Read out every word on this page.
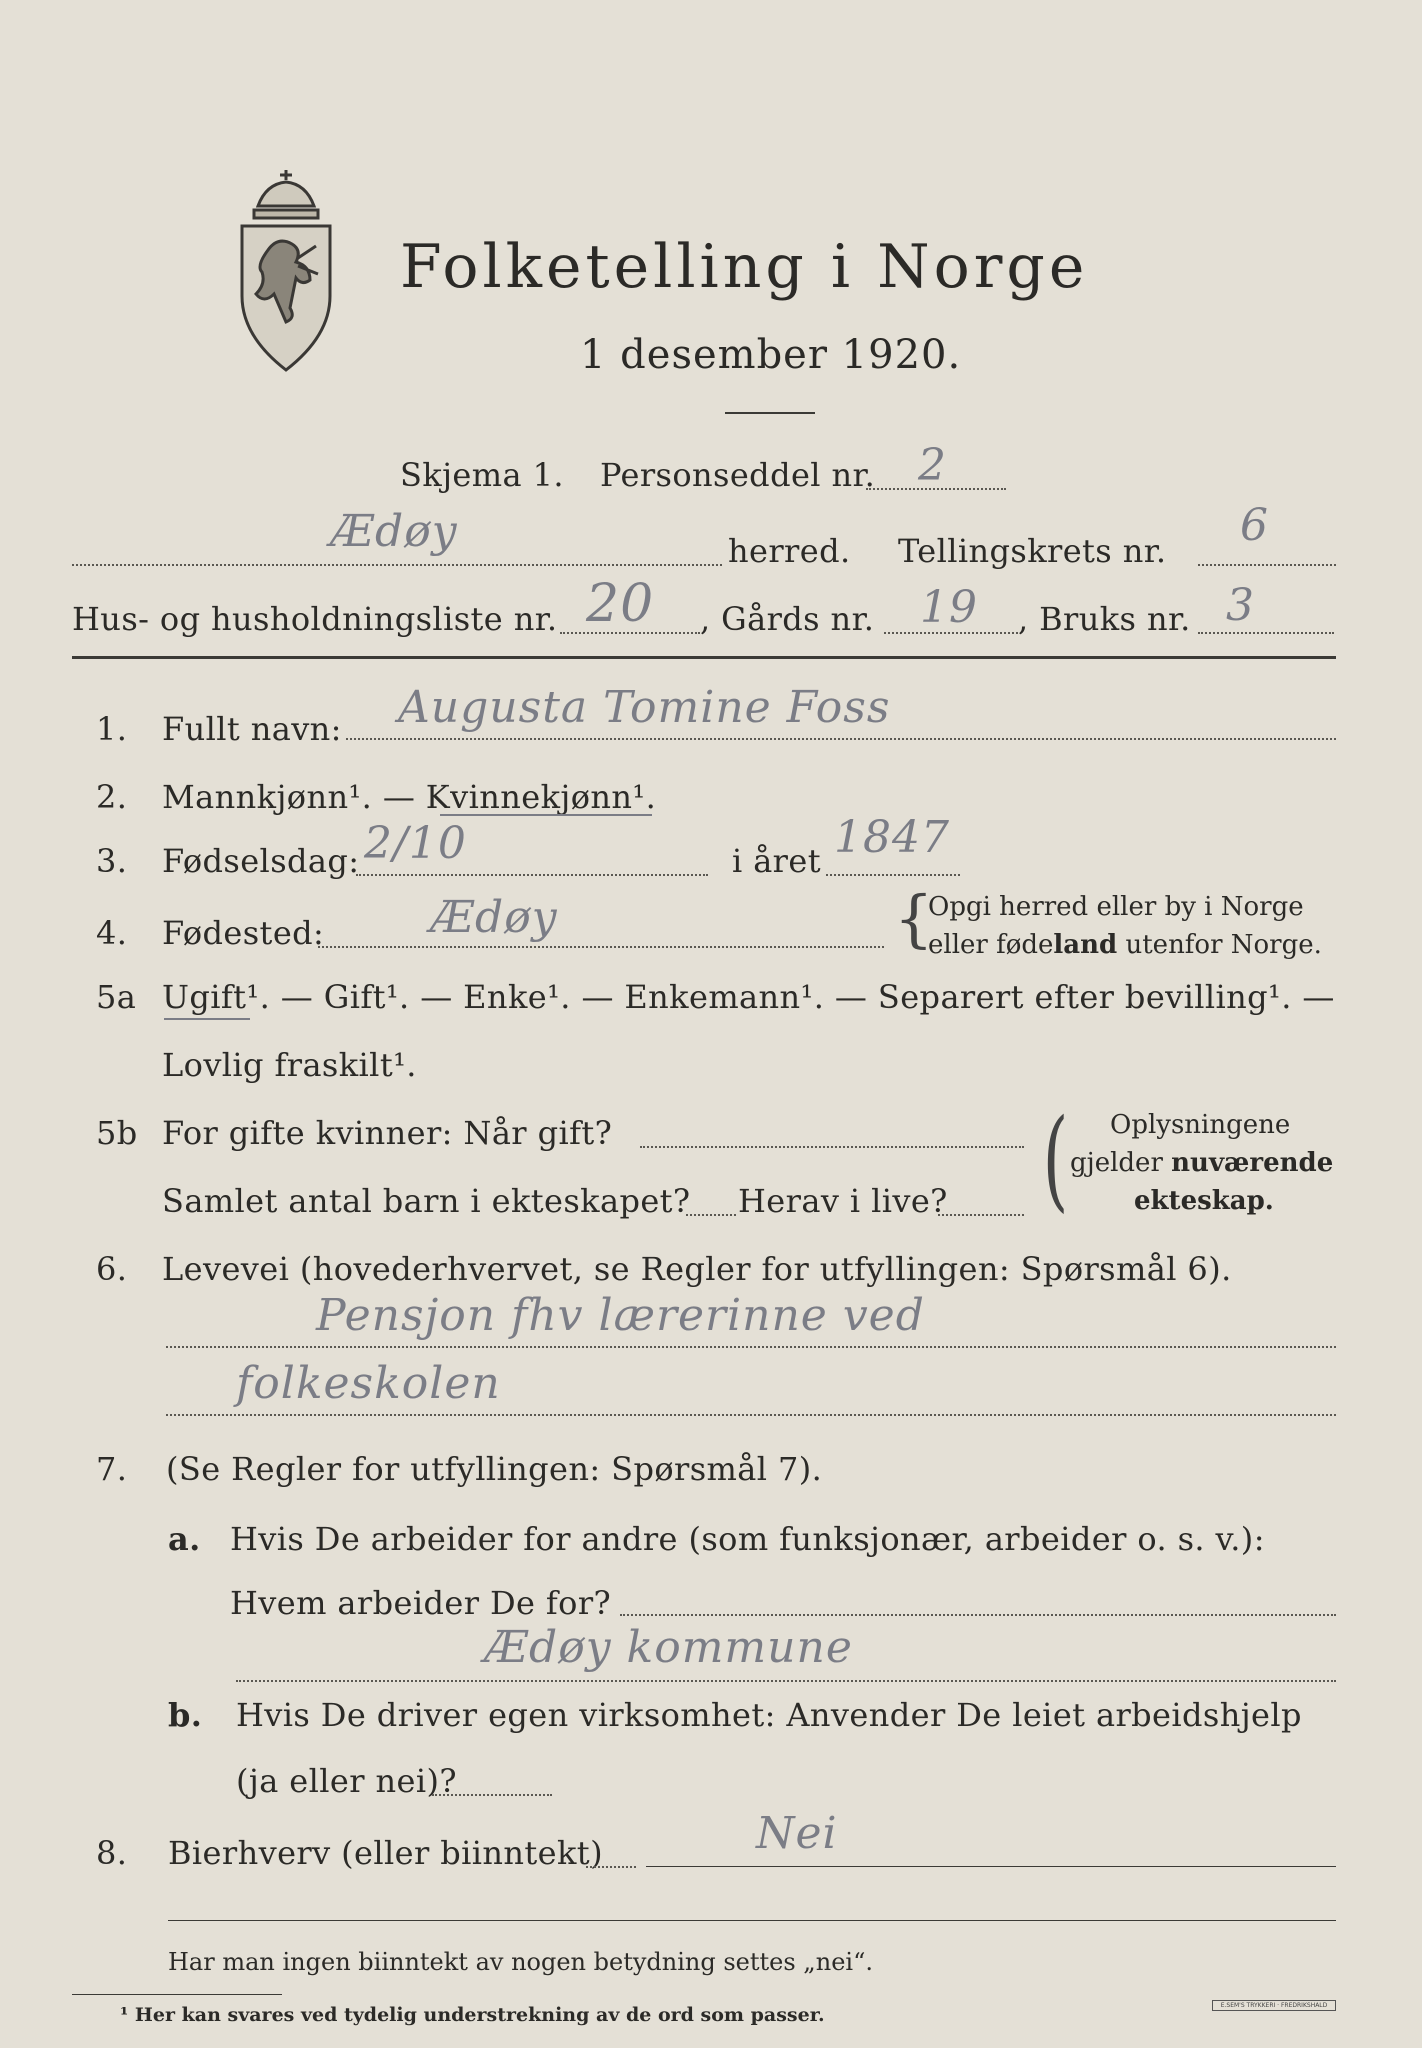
Folketelling i Norge
1 desember 1920.
Skjema 1. Personseddel nr. 2
Ædøy	herred. Tellingskrets nr. 6
Hus- og husholdningsliste nr. 20 , Gårds nr. 19 , Bruks nr. 3
1. Fullt navn: Augusta Tomine Foss
2. Mannkjønn¹. — Kvinnekjønn¹.
3. Fødselsdag: 2/10	i året 1847
4. Fødested: Ædøy	{
Opgi herred eller by i Norge
eller fødeland utenfor Norge.
5a Ugift¹. — Gift¹. — Enke¹. — Enkemann¹. — Separert efter bevilling¹. —
Lovlig fraskilt¹.
5b For gifte kvinner: Når gift?
Samlet antal barn i ekteskapet? Herav i live? ( Oplysningene
gjelder nuværende
ekteskap.
6. Levevei (hovederhvervet, se Regler for utfyllingen: Spørsmål 6).
Pensjon fhv lærerinne ved
folkeskolen
7. (Se Regler for utfyllingen: Spørsmål 7).
a. Hvis De arbeider for andre (som funksjonær, arbeider o. s. v.):
Hvem arbeider De for?
Ædøy kommune
b. Hvis De driver egen virksomhet: Anvender De leiet arbeidshjelp
(ja eller nei)?
8. Bierhverv (eller biinntekt)	Nei
Har man ingen biinntekt av nogen betydning settes „nei“.
¹ Her kan svares ved tydelig understrekning av de ord som passer.	E.SEM'S TRYKKERI · FREDRIKSHALD
